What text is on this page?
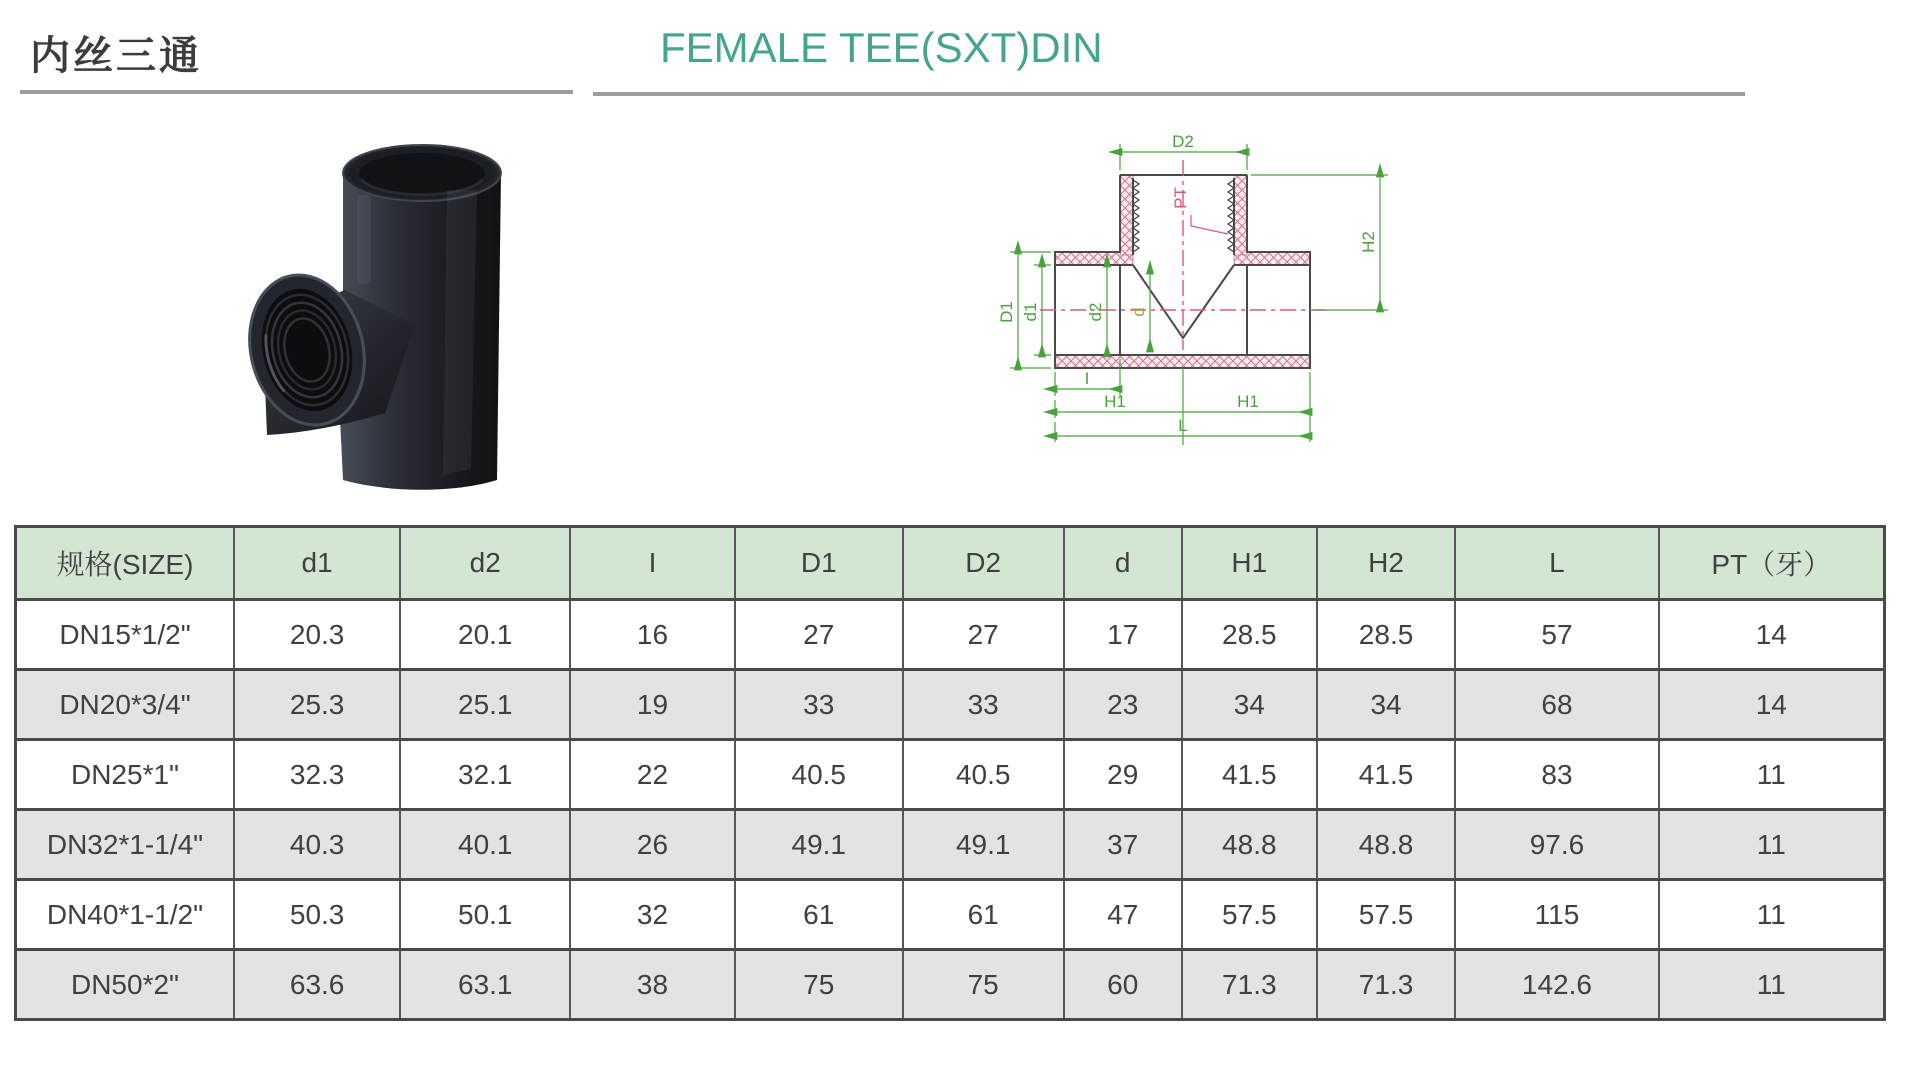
内丝三通	FEMALE TEE(SXT)DIN
D2
PT
H2
D1 d1	d2 d
I
H1	H1
L
规格(SIZE)	d1	d2	I	D1	D2	d	H1	H2	L	PT（牙）
DN15*1/2"	20.3	20.1	16	27	27	17	28.5	28.5	57	14
DN20*3/4"	25.3	25.1	19	33	33	23	34	34	68	14
DN25*1"	32.3	32.1	22	40.5	40.5	29	41.5	41.5	83	11
DN32*1-1/4"	40.3	40.1	26	49.1	49.1	37	48.8	48.8	97.6	11
DN40*1-1/2"	50.3	50.1	32	61	61	47	57.5	57.5	115	11
DN50*2"	63.6	63.1	38	75	75	60	71.3	71.3	142.6	11
